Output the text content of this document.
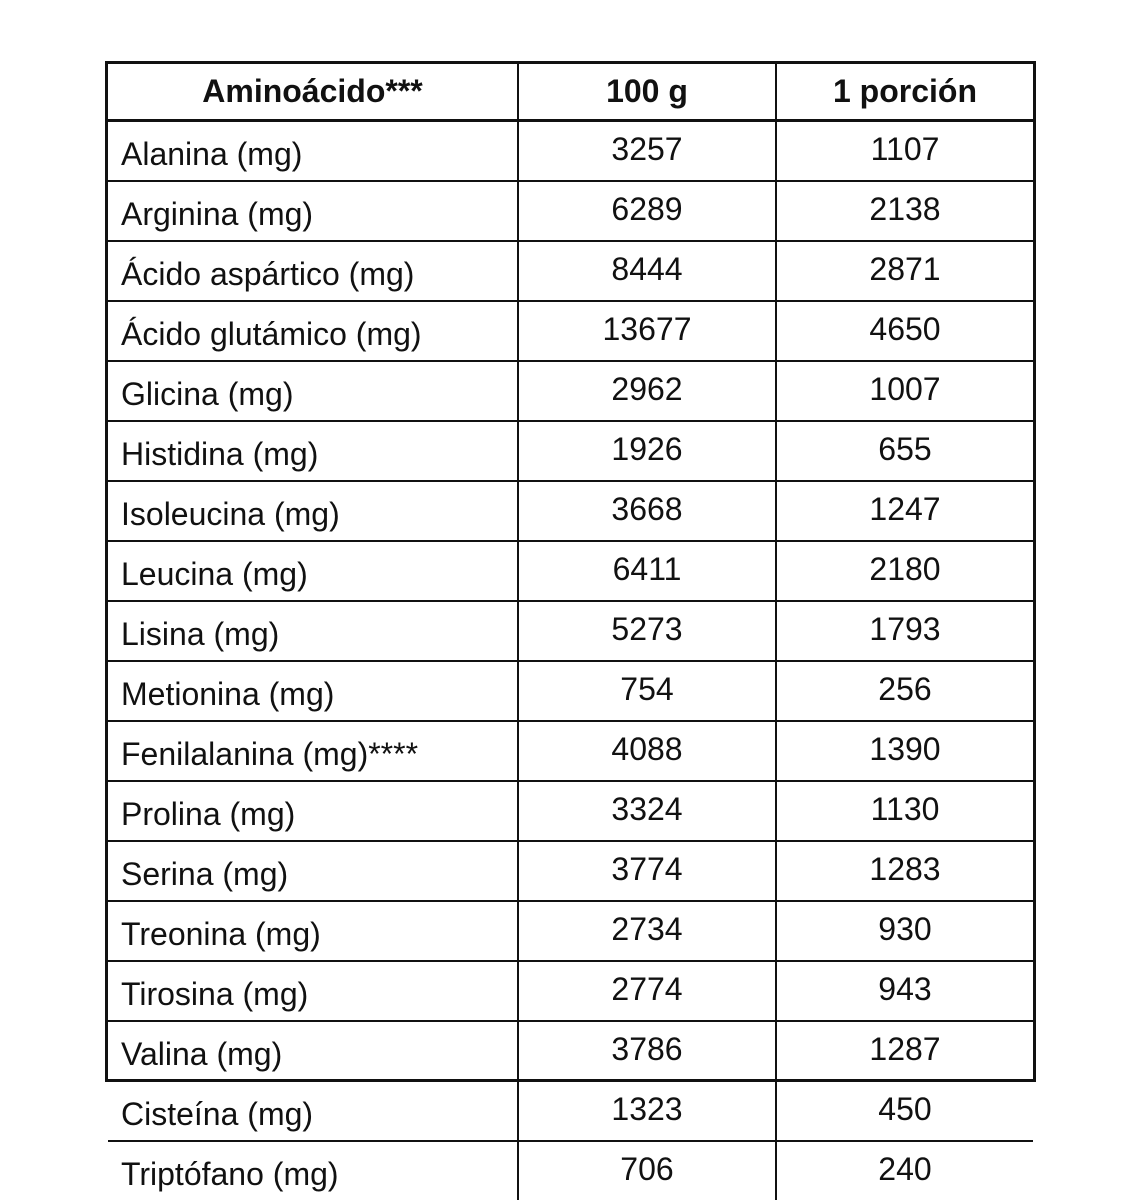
Aminoácido***	100 g	1 porción
Alanina (mg)	3257	1107
Arginina (mg)	6289	2138
Ácido aspártico (mg)	8444	2871
Ácido glutámico (mg)	13677	4650
Glicina (mg)	2962	1007
Histidina (mg)	1926	655
Isoleucina (mg)	3668	1247
Leucina (mg)	6411	2180
Lisina (mg)	5273	1793
Metionina (mg)	754	256
Fenilalanina (mg)****	4088	1390
Prolina (mg)	3324	1130
Serina (mg)	3774	1283
Treonina (mg)	2734	930
Tirosina (mg)	2774	943
Valina (mg)	3786	1287
Cisteína (mg)	1323	450
Triptófano (mg)	706	240
